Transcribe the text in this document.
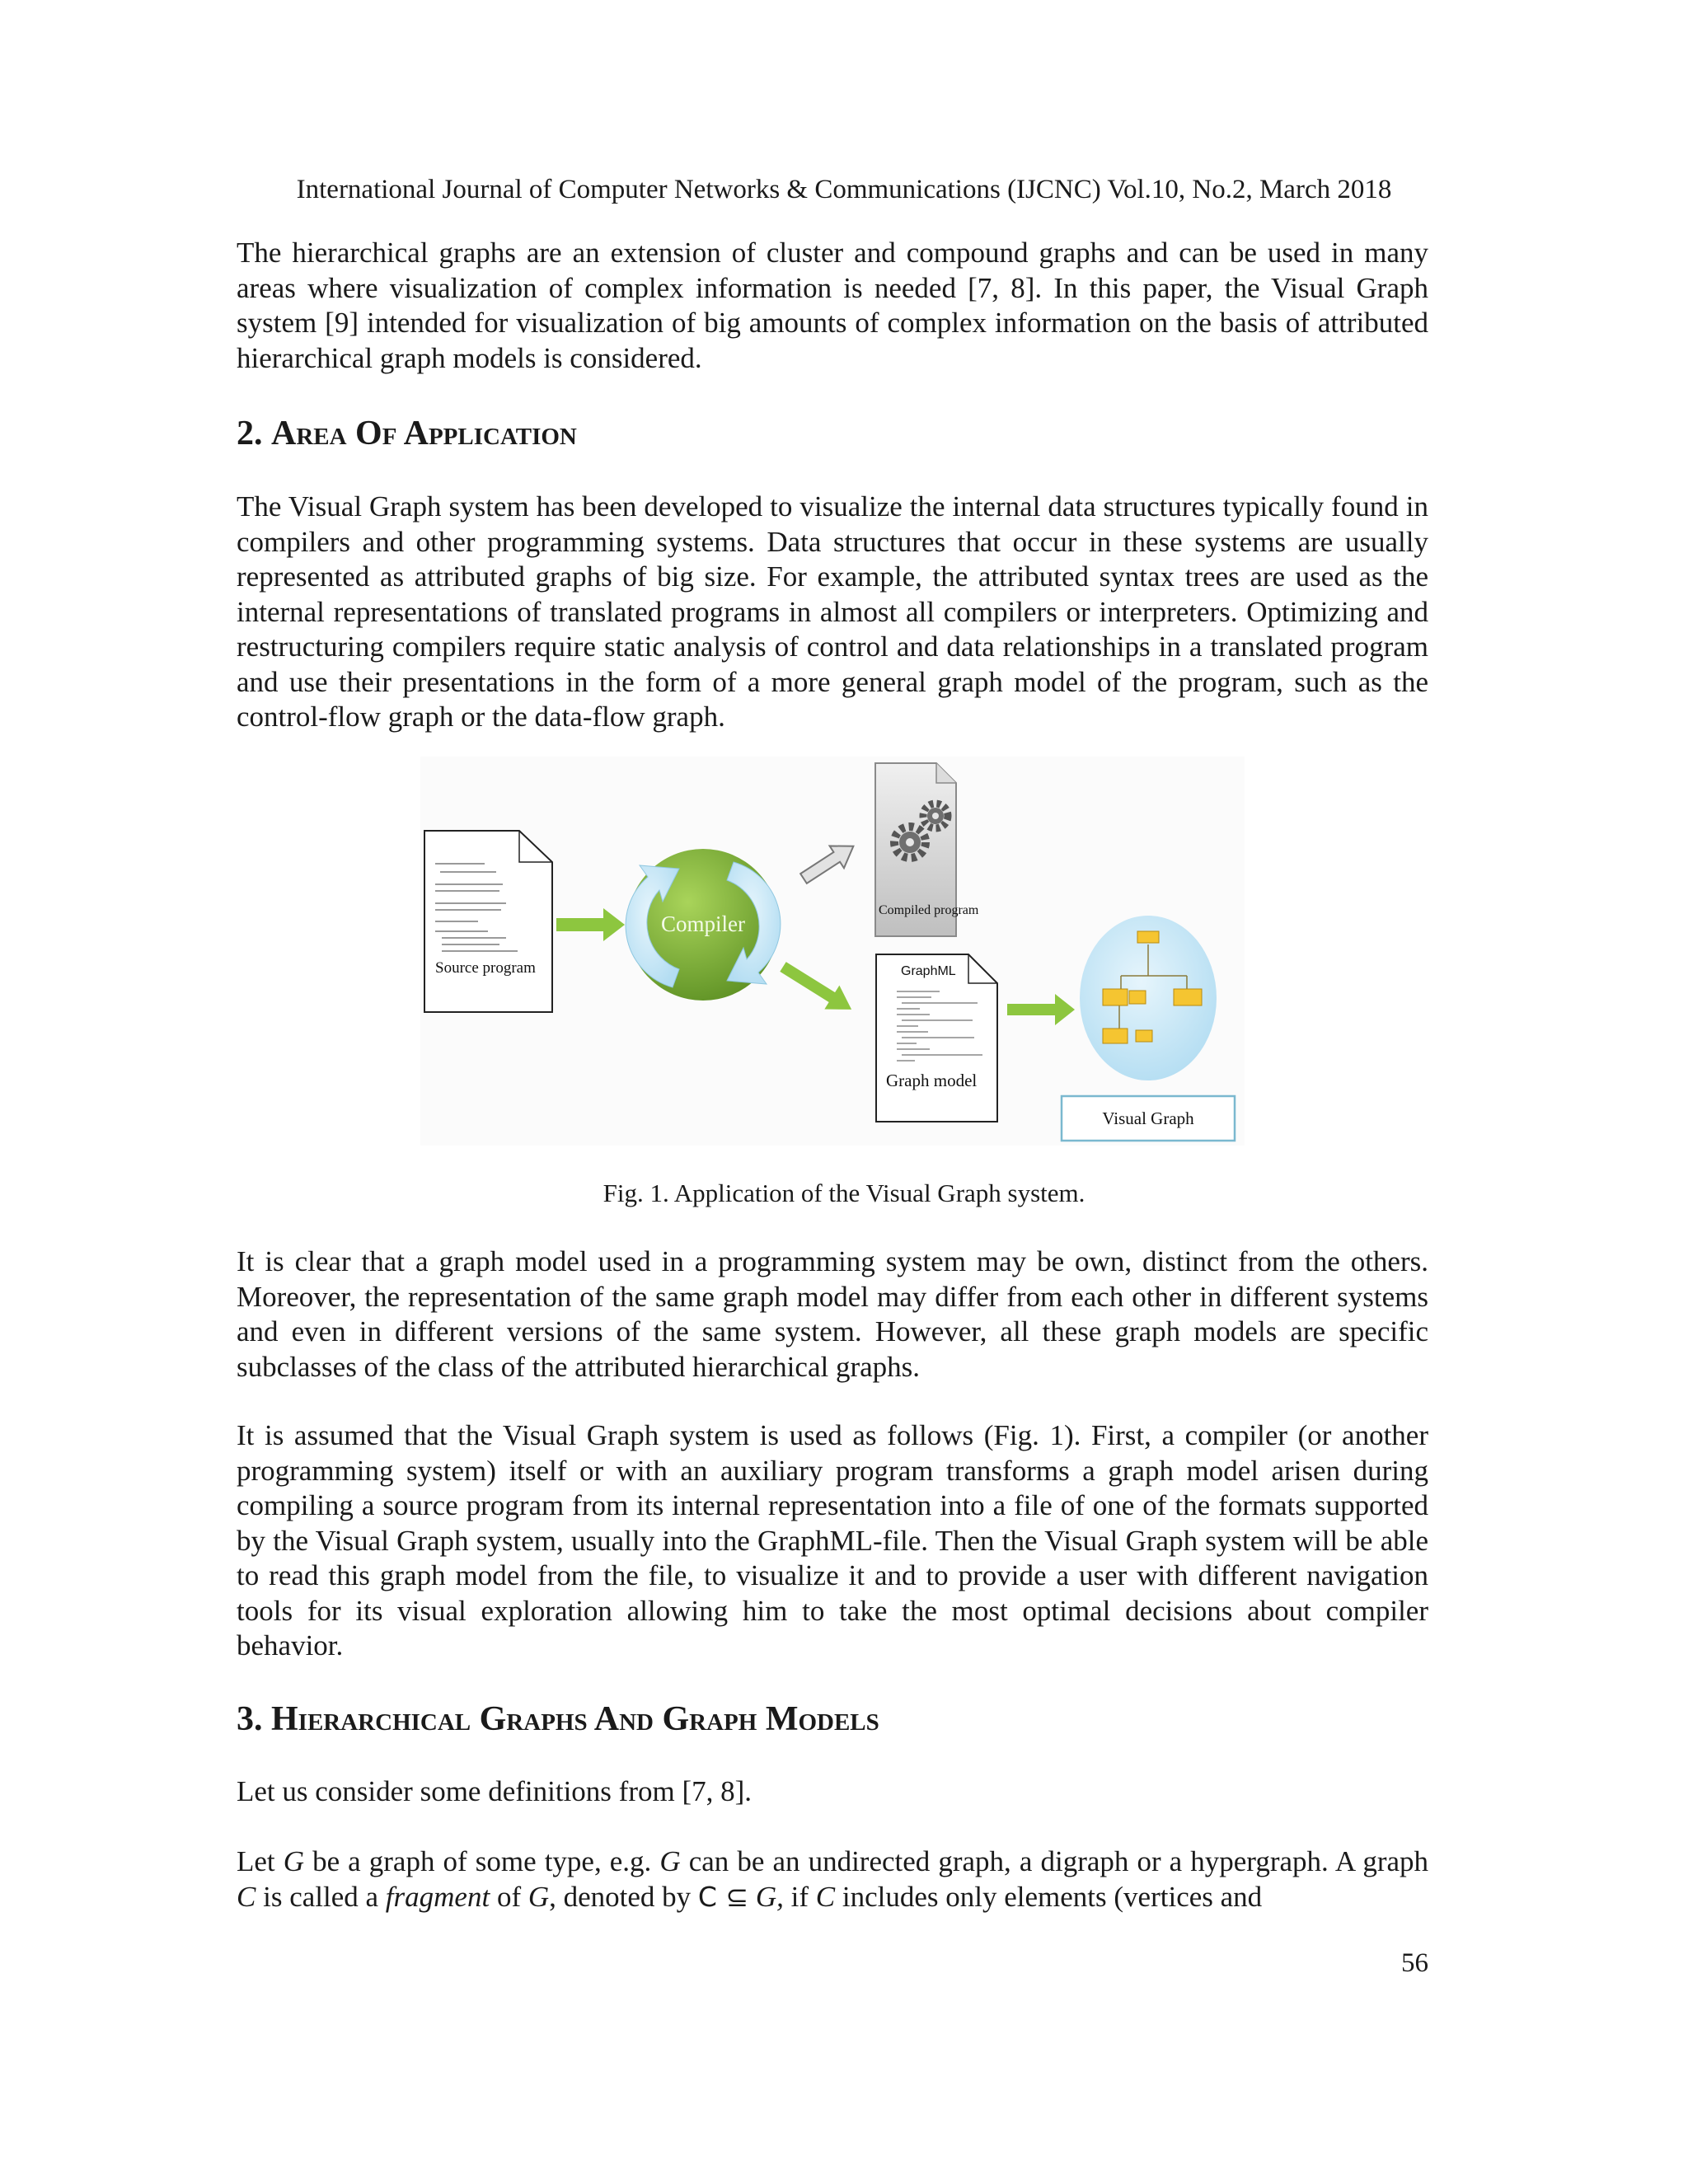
International Journal of Computer Networks & Communications (IJCNC) Vol.10, No.2, March 2018

The hierarchical graphs are an extension of cluster and compound graphs and can be used in many areas where visualization of complex information is needed [7, 8]. In this paper, the Visual Graph system [9] intended for visualization of big amounts of complex information on the basis of attributed hierarchical graph models is considered.

2. Area Of Application

The Visual Graph system has been developed to visualize the internal data structures typically found in compilers and other programming systems. Data structures that occur in these systems are usually represented as attributed graphs of big size. For example, the attributed syntax trees are used as the internal representations of translated programs in almost all compilers or interpreters. Optimizing and restructuring compilers require static analysis of control and data relationships in a translated program and use their presentations in the form of a more general graph model of the program, such as the control-flow graph or the data-flow graph.

Source program
Compiler
Compiled program
GraphML
Graph model
Visual Graph
Fig. 1. Application of the Visual Graph system.

It is clear that a graph model used in a programming system may be own, distinct from the others. Moreover, the representation of the same graph model may differ from each other in different systems and even in different versions of the same system. However, all these graph models are specific subclasses of the class of the attributed hierarchical graphs.

It is assumed that the Visual Graph system is used as follows (Fig. 1). First, a compiler (or another programming system) itself or with an auxiliary program transforms a graph model arisen during compiling a source program from its internal representation into a file of one of the formats supported by the Visual Graph system, usually into the GraphML-file. Then the Visual Graph system will be able to read this graph model from the file, to visualize it and to provide a user with different navigation tools for its visual exploration allowing him to take the most optimal decisions about compiler behavior.

3. Hierarchical Graphs And Graph Models

Let us consider some definitions from [7, 8].

Let G be a graph of some type, e.g. G can be an undirected graph, a digraph or a hypergraph. A graph C is called a fragment of G, denoted by C ⊆ G, if C includes only elements (vertices and

56
